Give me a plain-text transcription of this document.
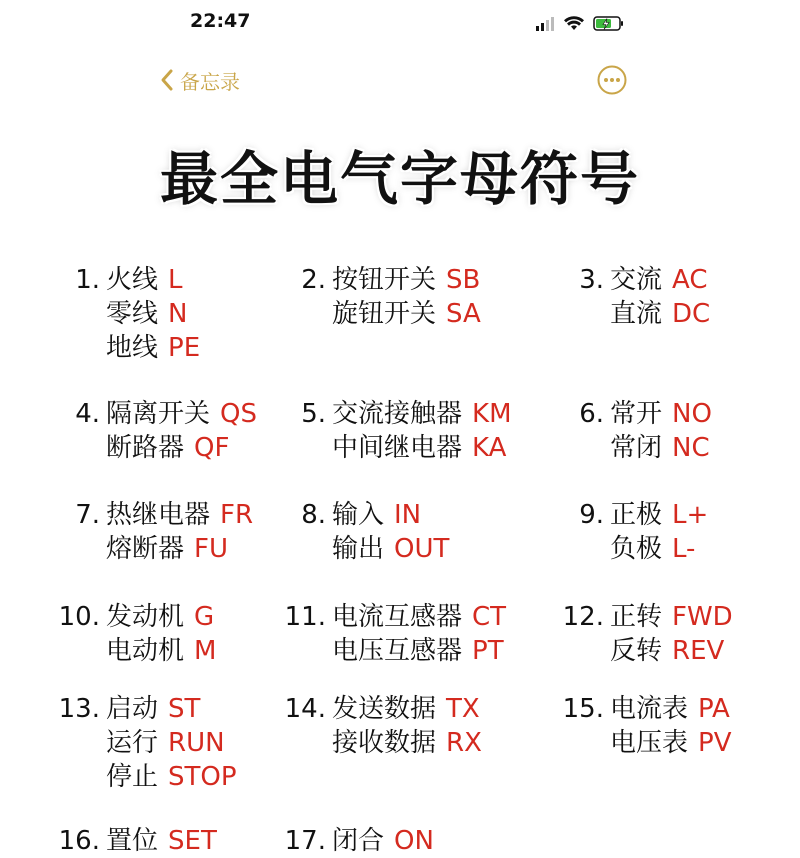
22:47
备忘录
最全电气字母符号
1. 火线 L
零线 N
地线 PE
2. 按钮开关 SB
旋钮开关 SA
3. 交流 AC
直流 DC
4. 隔离开关 QS
断路器 QF
5. 交流接触器 KM
中间继电器 KA
6. 常开 NO
常闭 NC
7. 热继电器 FR
熔断器 FU
8. 输入 IN
输出 OUT
9. 正极 L+
负极 L-
10. 发动机 G
电动机 M
11. 电流互感器 CT
电压互感器 PT
12. 正转 FWD
反转 REV
13. 启动 ST
运行 RUN
停止 STOP
14. 发送数据 TX
接收数据 RX
15. 电流表 PA
电压表 PV
16. 置位 SET	17. 闭合 ON
